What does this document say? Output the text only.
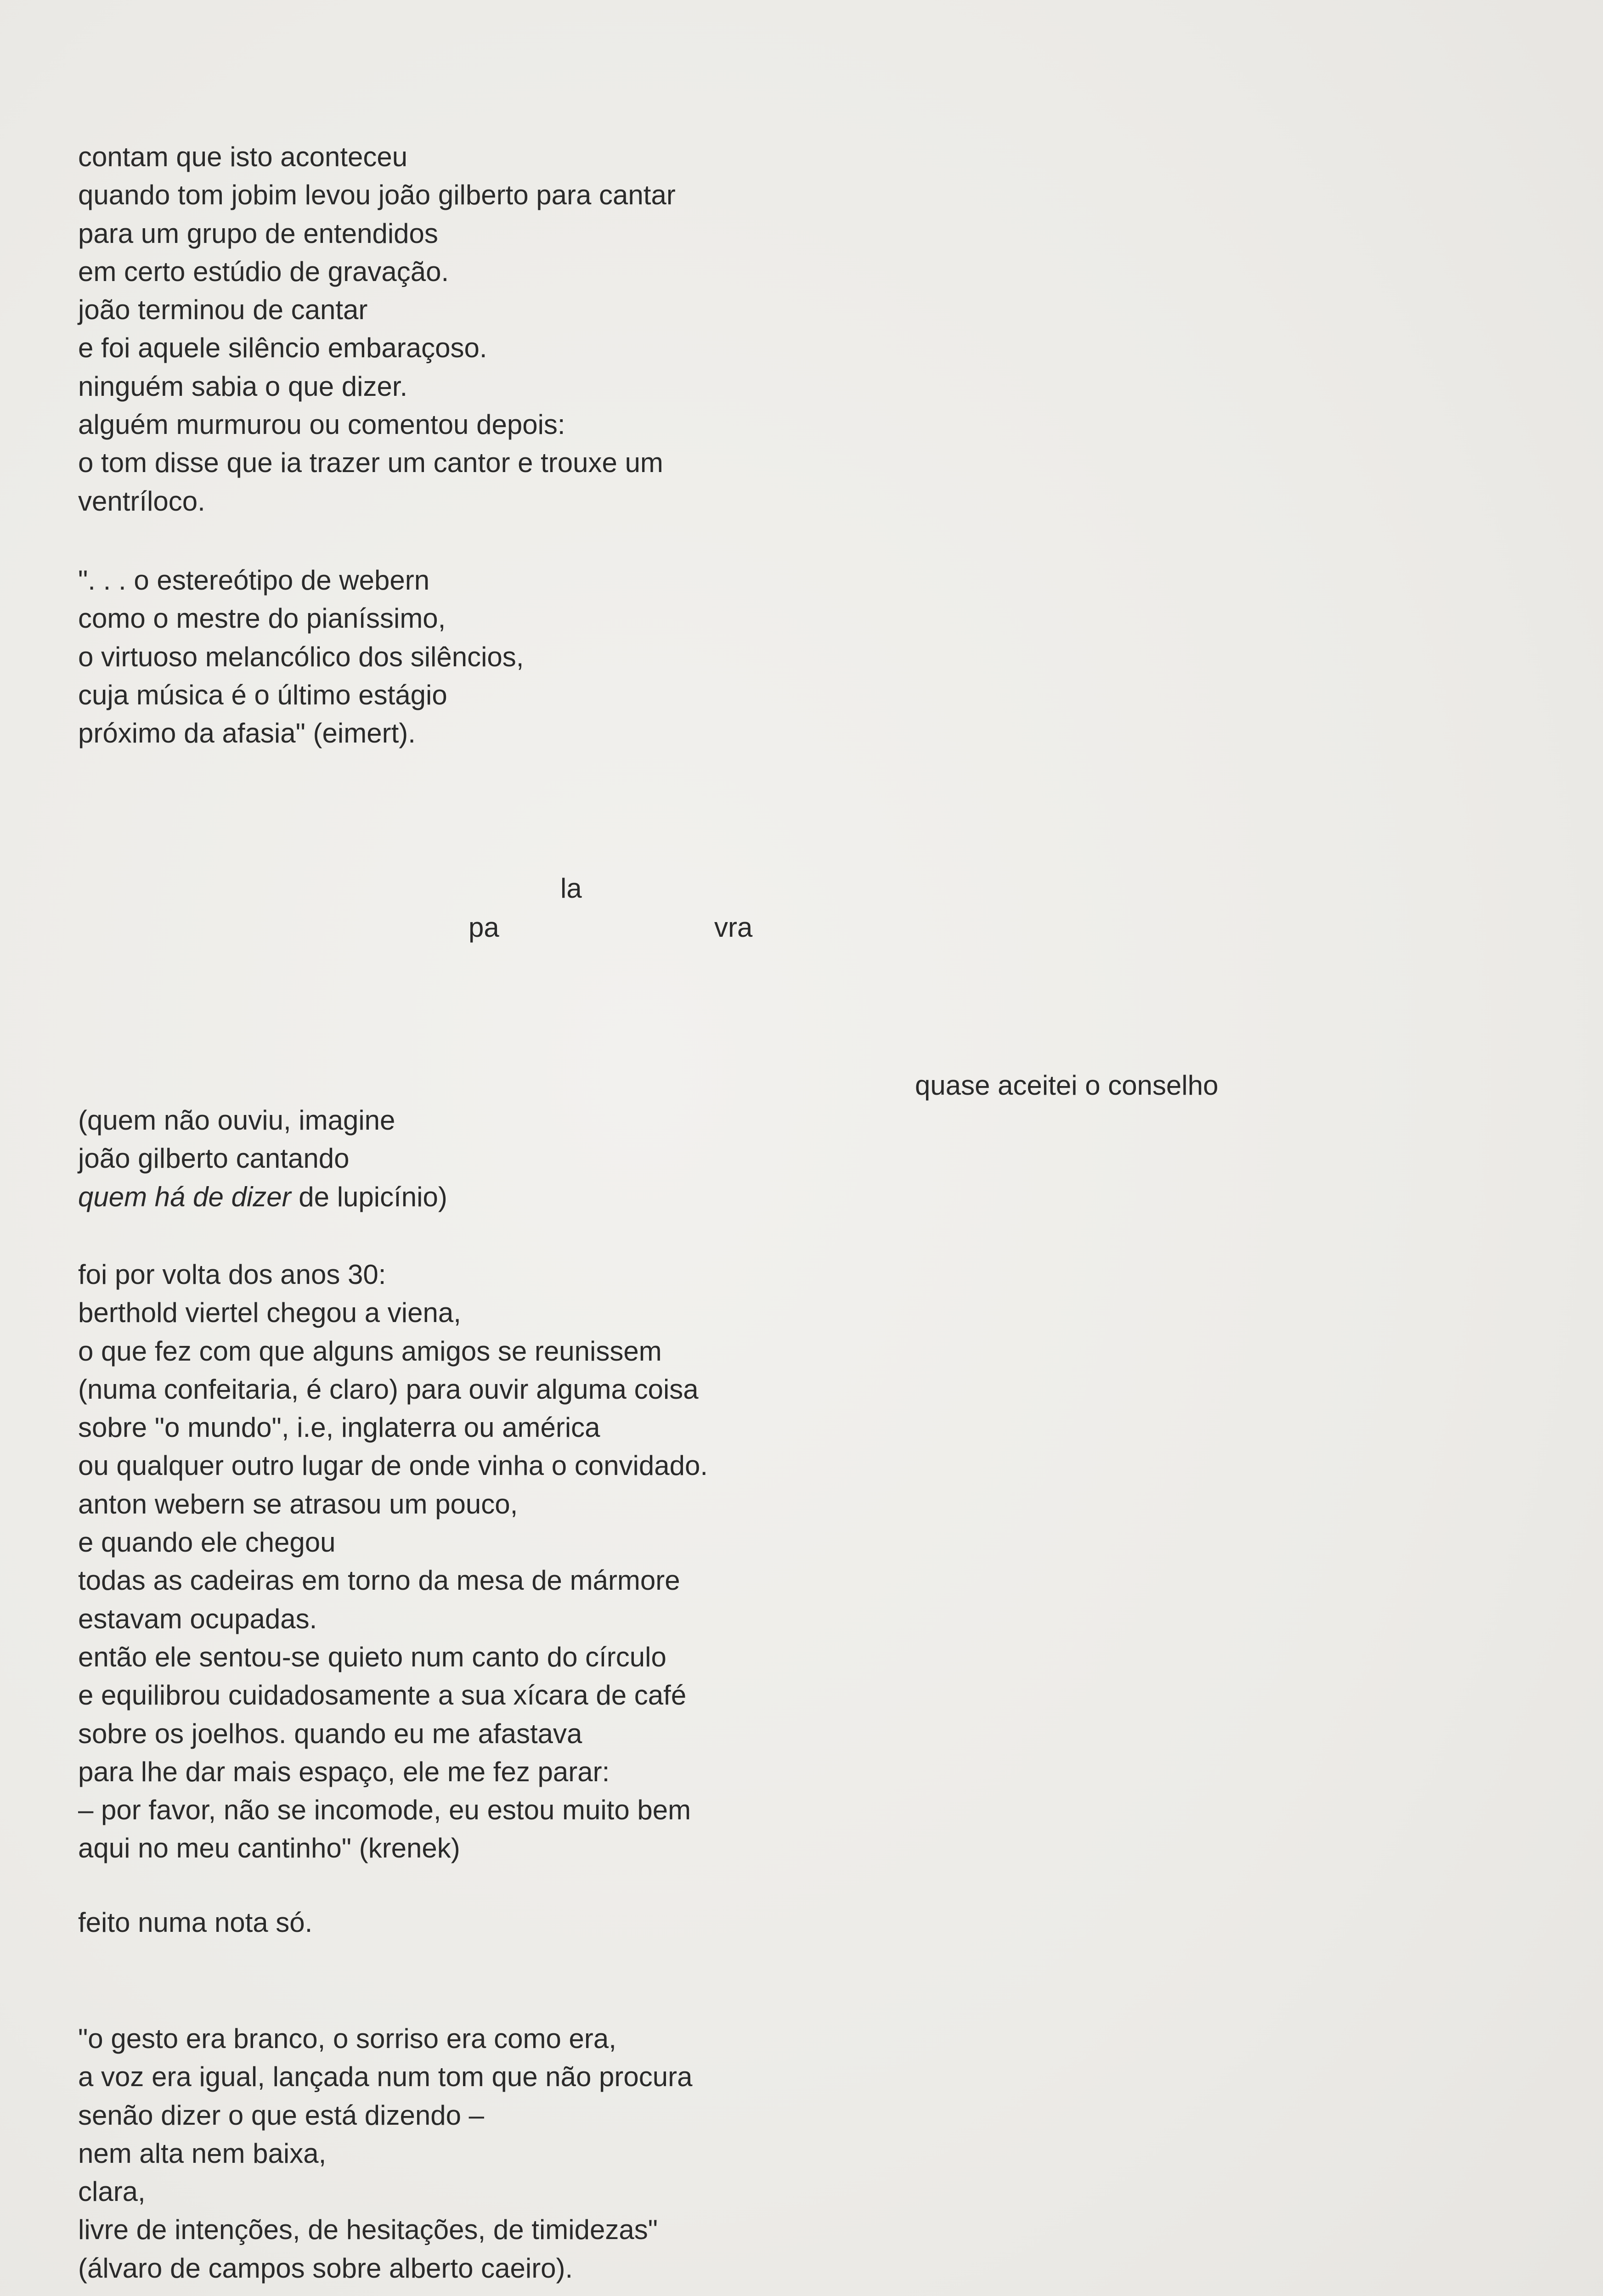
contam que isto aconteceu
quando tom jobim levou joão gilberto para cantar
para um grupo de entendidos
em certo estúdio de gravação.
joão terminou de cantar
e foi aquele silêncio embaraçoso.
ninguém sabia o que dizer.
alguém murmurou ou comentou depois:
o tom disse que ia trazer um cantor e trouxe um
ventríloco.
". . . o estereótipo de webern
como o mestre do pianíssimo,
o virtuoso melancólico dos silêncios,
cuja música é o último estágio
próximo da afasia" (eimert).
la
pa	vra
quase aceitei o conselho
(quem não ouviu, imagine
joão gilberto cantando
quem há de dizer de lupicínio)
foi por volta dos anos 30:
berthold viertel chegou a viena,
o que fez com que alguns amigos se reunissem
(numa confeitaria, é claro) para ouvir alguma coisa
sobre "o mundo", i.e, inglaterra ou américa
ou qualquer outro lugar de onde vinha o convidado.
anton webern se atrasou um pouco,
e quando ele chegou
todas as cadeiras em torno da mesa de mármore
estavam ocupadas.
então ele sentou-se quieto num canto do círculo
e equilibrou cuidadosamente a sua xícara de café
sobre os joelhos. quando eu me afastava
para lhe dar mais espaço, ele me fez parar:
– por favor, não se incomode, eu estou muito bem
aqui no meu cantinho" (krenek)
feito numa nota só.
"o gesto era branco, o sorriso era como era,
a voz era igual, lançada num tom que não procura
senão dizer o que está dizendo –
nem alta nem baixa,
clara,
livre de intenções, de hesitações, de timidezas"
(álvaro de campos sobre alberto caeiro).
